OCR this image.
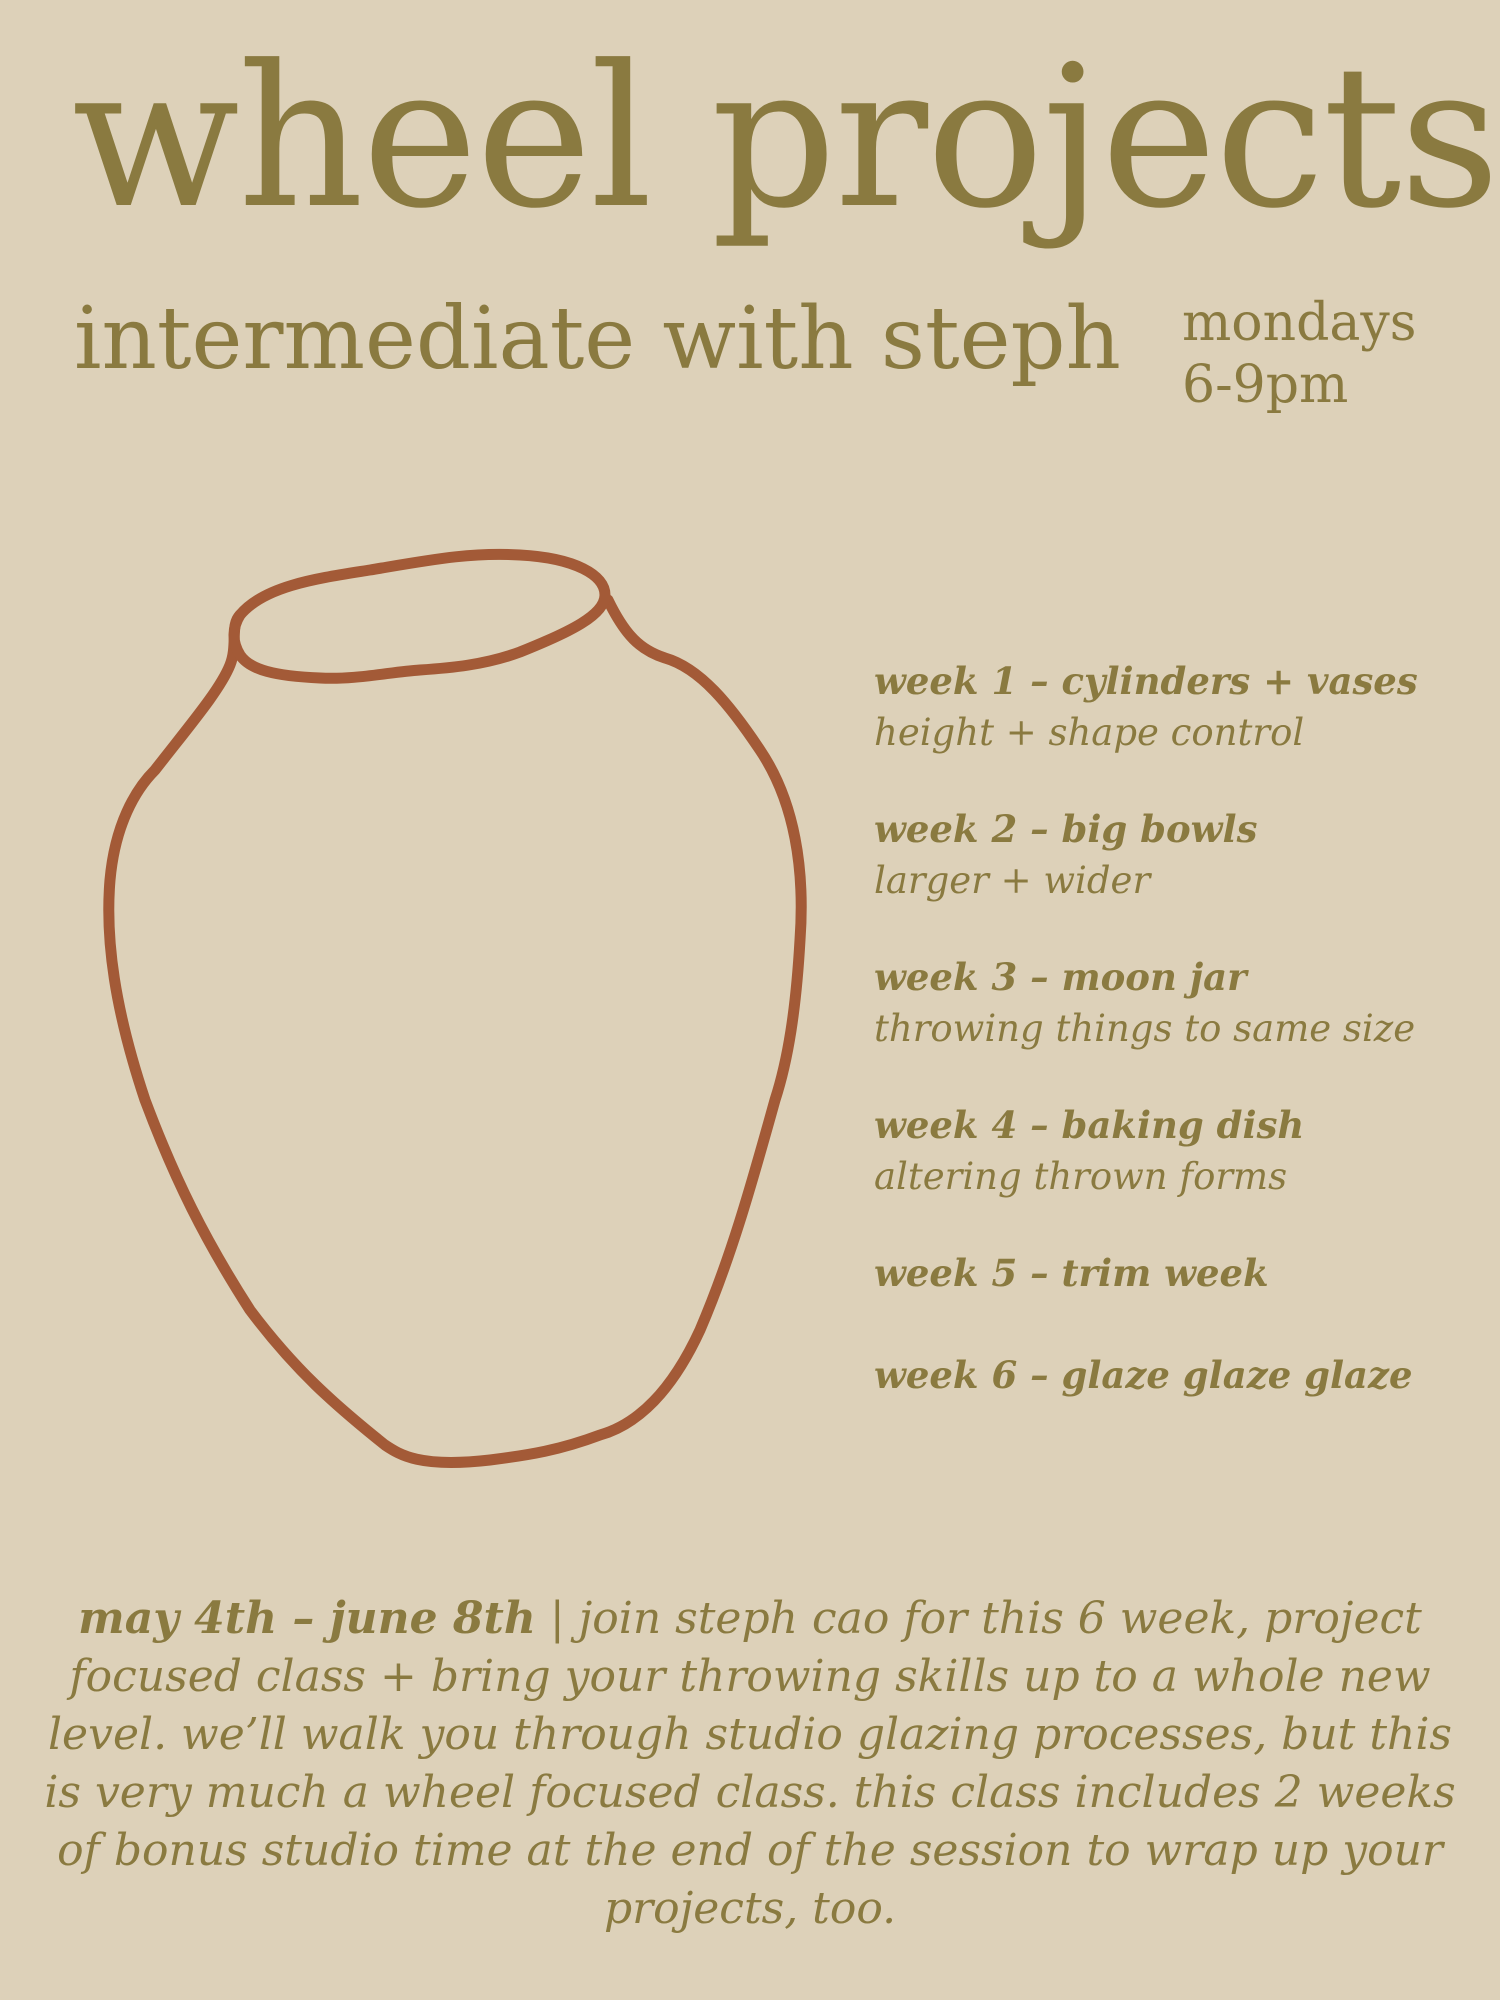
wheel projects
intermediate with steph mondays
6-9pm
week 1 – cylinders + vases
height + shape control
week 2 – big bowls
larger + wider
week 3 – moon jar
throwing things to same size
week 4 – baking dish
altering thrown forms
week 5 – trim week
week 6 – glaze glaze glaze
may 4th – june 8th | join steph cao for this 6 week, project focused class + bring your throwing skills up to a whole new level. we’ll walk you through studio glazing processes, but this is very much a wheel focused class. this class includes 2 weeks of bonus studio time at the end of the session to wrap up your projects, too.
